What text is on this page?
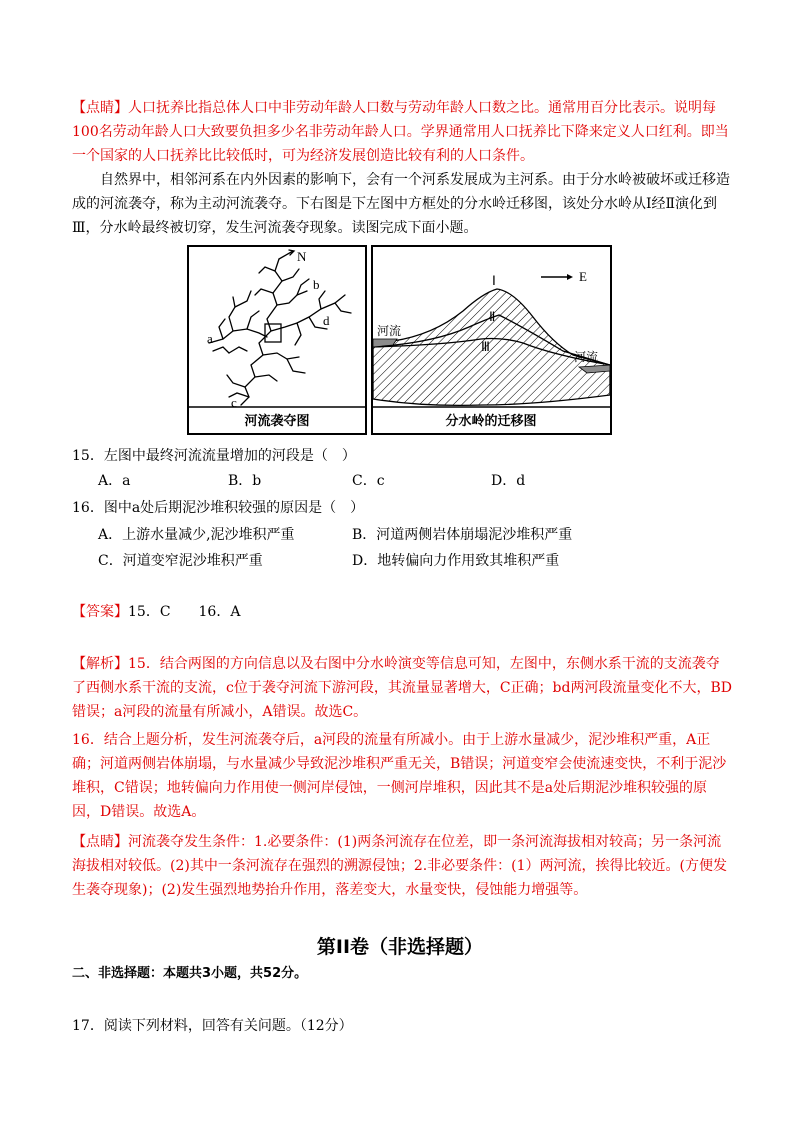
【点睛】人口抚养比指总体人口中非劳动年龄人口数与劳动年龄人口数之比。通常用百分比表示。说明每100名劳动年龄人口大致要负担多少名非劳动年龄人口。学界通常用人口抚养比下降来定义人口红利。即当一个国家的人口抚养比比较低时，可为经济发展创造比较有利的人口条件。
自然界中，相邻河系在内外因素的影响下，会有一个河系发展成为主河系。由于分水岭被破坏或迁移造成的河流袭夺，称为主动河流袭夺。下右图是下左图中方框处的分水岭迁移图，该处分水岭从Ⅰ经Ⅱ演化到Ⅲ，分水岭最终被切穿，发生河流袭夺现象。读图完成下面小题。
N
a
b
c
d
河流袭夺图
E
Ⅰ
Ⅱ
Ⅲ
河流
河流
分水岭的迁移图
15．左图中最终河流流量增加的河段是（　）
A．a	B．b	C．c	D．d
16．图中a处后期泥沙堆积较强的原因是（　）
A．上游水量减少,泥沙堆积严重	B．河道两侧岩体崩塌泥沙堆积严重
C．河道变窄泥沙堆积严重	D．地转偏向力作用致其堆积严重
【答案】15．C　　16．A
【解析】15．结合两图的方向信息以及右图中分水岭演变等信息可知，左图中，东侧水系干流的支流袭夺了西侧水系干流的支流，c位于袭夺河流下游河段，其流量显著增大，C正确；bd两河段流量变化不大，BD错误；a河段的流量有所减小，A错误。故选C。
16．结合上题分析，发生河流袭夺后，a河段的流量有所减小。由于上游水量减少，泥沙堆积严重，A正确；河道两侧岩体崩塌，与水量减少导致泥沙堆积严重无关，B错误；河道变窄会使流速变快，不利于泥沙堆积，C错误；地转偏向力作用使一侧河岸侵蚀，一侧河岸堆积，因此其不是a处后期泥沙堆积较强的原因，D错误。故选A。
【点睛】河流袭夺发生条件：1.必要条件：(1)两条河流存在位差，即一条河流海拔相对较高；另一条河流海拔相对较低。(2)其中一条河流存在强烈的溯源侵蚀；2.非必要条件：(1）两河流，挨得比较近。(方便发生袭夺现象)；(2)发生强烈地势抬升作用，落差变大，水量变快，侵蚀能力增强等。
第II卷（非选择题）
二、非选择题：本题共3小题，共52分。
17．阅读下列材料，回答有关问题。（12分）
